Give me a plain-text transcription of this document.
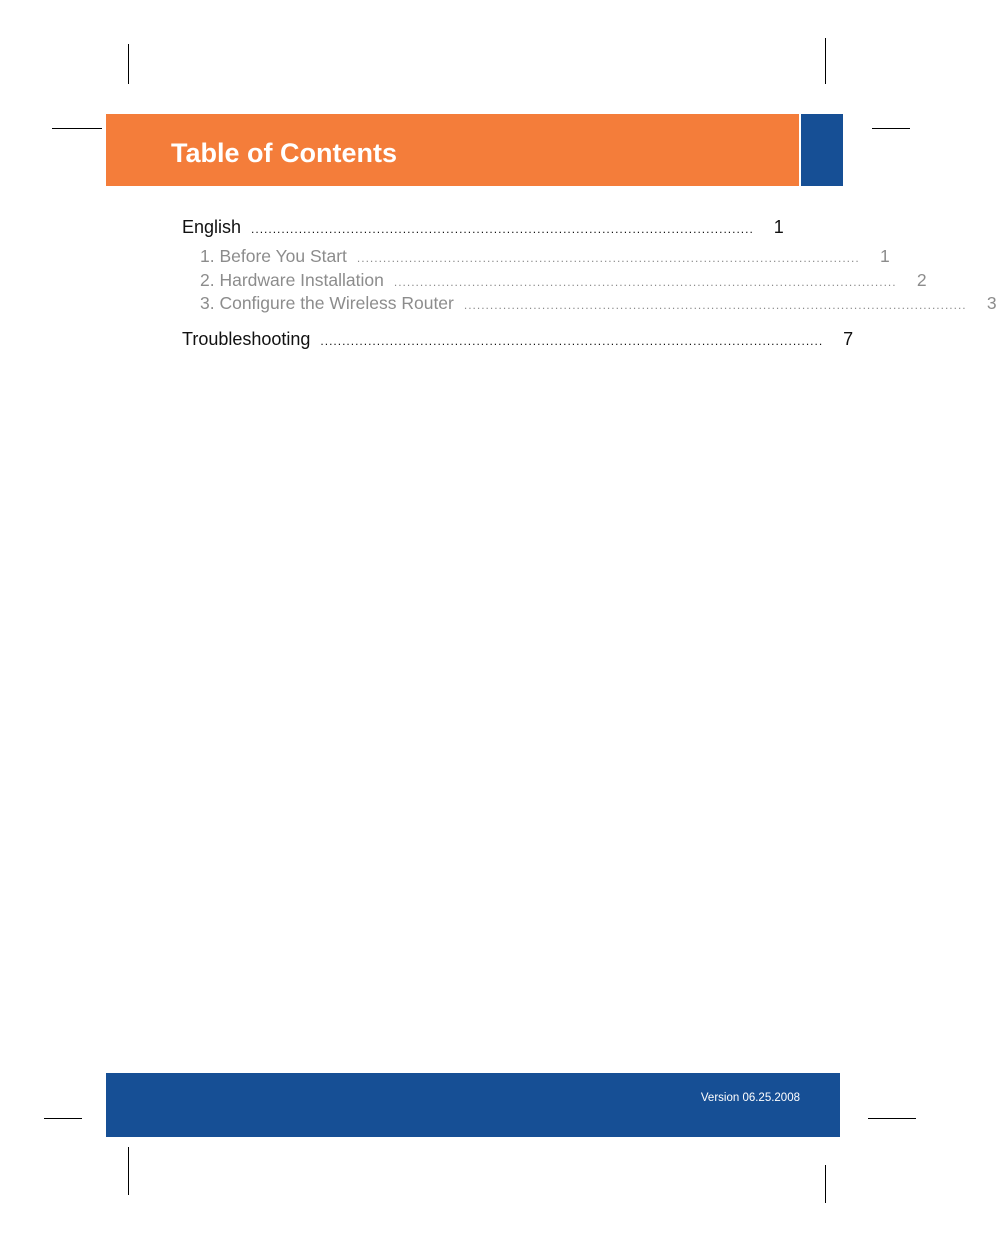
Table of Contents
English ....................................................................................................................	1
1. Before You Start ....................................................................................................................	1
2. Hardware Installation ....................................................................................................................	2
3. Configure the Wireless Router ....................................................................................................................	3
Troubleshooting ....................................................................................................................	7
Version 06.25.2008
